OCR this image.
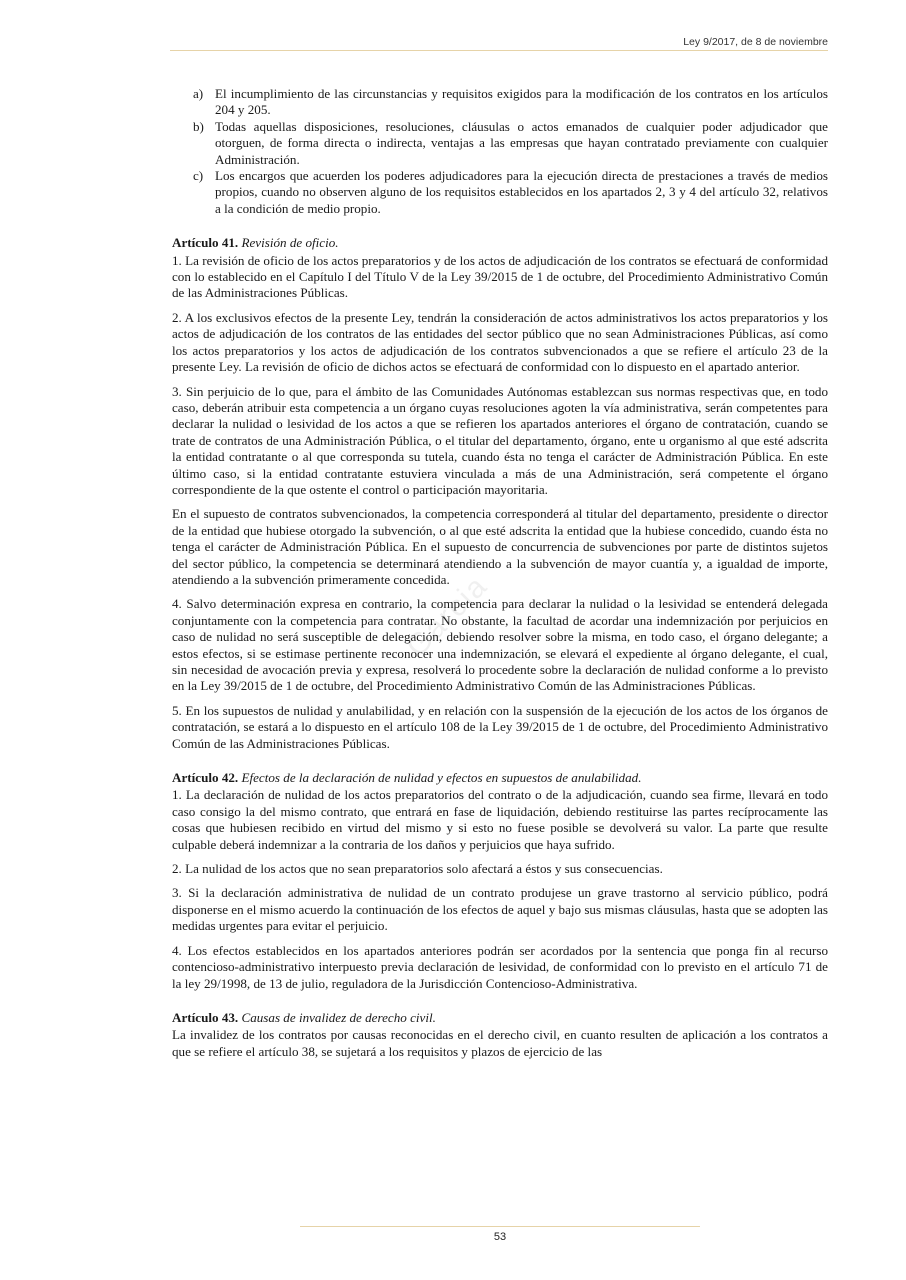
Ley 9/2017, de 8 de noviembre
Garcia
a) El incumplimiento de las circunstancias y requisitos exigidos para la modificación de los contratos en los artículos 204 y 205.
b) Todas aquellas disposiciones, resoluciones, cláusulas o actos emanados de cualquier poder adjudicador que otorguen, de forma directa o indirecta, ventajas a las empresas que hayan contratado previamente con cualquier Administración.
c) Los encargos que acuerden los poderes adjudicadores para la ejecución directa de prestaciones a través de medios propios, cuando no observen alguno de los requisitos establecidos en los apartados 2, 3 y 4 del artículo 32, relativos a la condición de medio propio.

Artículo 41. Revisión de oficio.

1. La revisión de oficio de los actos preparatorios y de los actos de adjudicación de los contratos se efectuará de conformidad con lo establecido en el Capítulo I del Título V de la Ley 39/2015 de 1 de octubre, del Procedimiento Administrativo Común de las Administraciones Públicas.

2. A los exclusivos efectos de la presente Ley, tendrán la consideración de actos administrativos los actos preparatorios y los actos de adjudicación de los contratos de las entidades del sector público que no sean Administraciones Públicas, así como los actos preparatorios y los actos de adjudicación de los contratos subvencionados a que se refiere el artículo 23 de la presente Ley. La revisión de oficio de dichos actos se efectuará de conformidad con lo dispuesto en el apartado anterior.

3. Sin perjuicio de lo que, para el ámbito de las Comunidades Autónomas establezcan sus normas respectivas que, en todo caso, deberán atribuir esta competencia a un órgano cuyas resoluciones agoten la vía administrativa, serán competentes para declarar la nulidad o lesividad de los actos a que se refieren los apartados anteriores el órgano de contratación, cuando se trate de contratos de una Administración Pública, o el titular del departamento, órgano, ente u organismo al que esté adscrita la entidad contratante o al que corresponda su tutela, cuando ésta no tenga el carácter de Administración Pública. En este último caso, si la entidad contratante estuviera vinculada a más de una Administración, será competente el órgano correspondiente de la que ostente el control o participación mayoritaria.

En el supuesto de contratos subvencionados, la competencia corresponderá al titular del departamento, presidente o director de la entidad que hubiese otorgado la subvención, o al que esté adscrita la entidad que la hubiese concedido, cuando ésta no tenga el carácter de Administración Pública. En el supuesto de concurrencia de subvenciones por parte de distintos sujetos del sector público, la competencia se determinará atendiendo a la subvención de mayor cuantía y, a igualdad de importe, atendiendo a la subvención primeramente concedida.

4. Salvo determinación expresa en contrario, la competencia para declarar la nulidad o la lesividad se entenderá delegada conjuntamente con la competencia para contratar. No obstante, la facultad de acordar una indemnización por perjuicios en caso de nulidad no será susceptible de delegación, debiendo resolver sobre la misma, en todo caso, el órgano delegante; a estos efectos, si se estimase pertinente reconocer una indemnización, se elevará el expediente al órgano delegante, el cual, sin necesidad de avocación previa y expresa, resolverá lo procedente sobre la declaración de nulidad conforme a lo previsto en la Ley 39/2015 de 1 de octubre, del Procedimiento Administrativo Común de las Administraciones Públicas.

5. En los supuestos de nulidad y anulabilidad, y en relación con la suspensión de la ejecución de los actos de los órganos de contratación, se estará a lo dispuesto en el artículo 108 de la Ley 39/2015 de 1 de octubre, del Procedimiento Administrativo Común de las Administraciones Públicas.

Artículo 42. Efectos de la declaración de nulidad y efectos en supuestos de anulabilidad.

1. La declaración de nulidad de los actos preparatorios del contrato o de la adjudicación, cuando sea firme, llevará en todo caso consigo la del mismo contrato, que entrará en fase de liquidación, debiendo restituirse las partes recíprocamente las cosas que hubiesen recibido en virtud del mismo y si esto no fuese posible se devolverá su valor. La parte que resulte culpable deberá indemnizar a la contraria de los daños y perjuicios que haya sufrido.

2. La nulidad de los actos que no sean preparatorios solo afectará a éstos y sus consecuencias.

3. Si la declaración administrativa de nulidad de un contrato produjese un grave trastorno al servicio público, podrá disponerse en el mismo acuerdo la continuación de los efectos de aquel y bajo sus mismas cláusulas, hasta que se adopten las medidas urgentes para evitar el perjuicio.

4. Los efectos establecidos en los apartados anteriores podrán ser acordados por la sentencia que ponga fin al recurso contencioso-administrativo interpuesto previa declaración de lesividad, de conformidad con lo previsto en el artículo 71 de la ley 29/1998, de 13 de julio, reguladora de la Jurisdicción Contencioso-Administrativa.

Artículo 43. Causas de invalidez de derecho civil.

La invalidez de los contratos por causas reconocidas en el derecho civil, en cuanto resulten de aplicación a los contratos a que se refiere el artículo 38, se sujetará a los requisitos y plazos de ejercicio de las

53
